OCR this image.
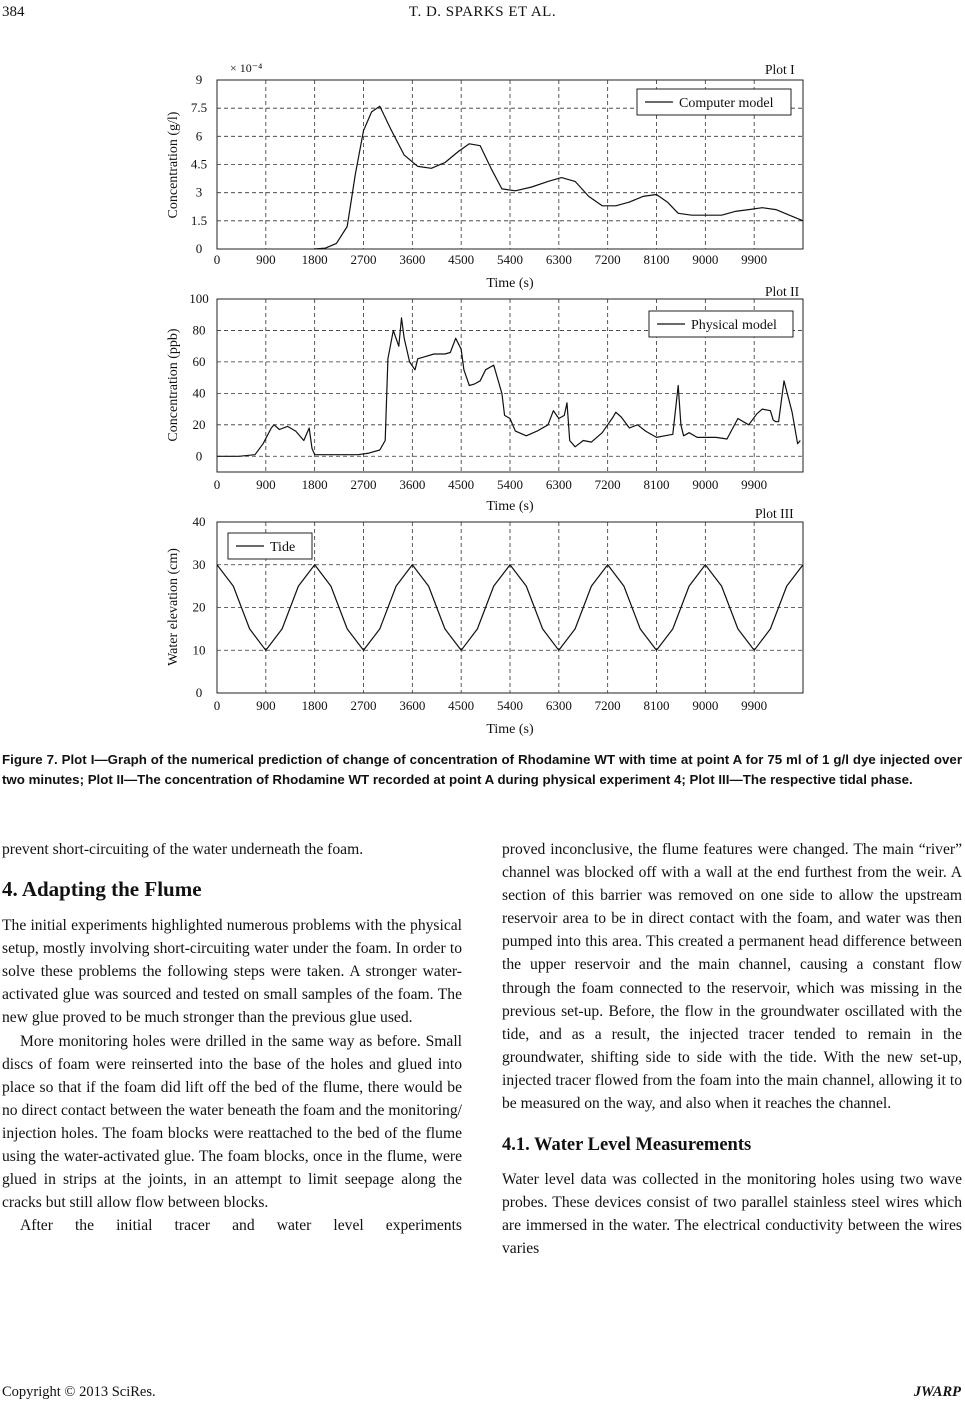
384	T. D. SPARKS ET AL.
0	900 1800 2700 3600 4500 5400 6300 7200 8100 9000 9900
0
1.5
3
4.5
6
7.5
9
Time (s)
Concentration (g/l)
Plot I
× 10⁻⁴
Computer model
0	900 1800 2700 3600 4500 5400 6300 7200 8100 9000 9900
0
20
40
60
80
100
Time (s)
Concentration (ppb)
Plot II
Physical model
0	900 1800 2700 3600 4500 5400 6300 7200 8100 9000 9900
0
10
20
30
40
Time (s)
Water elevation (cm)
Plot III
Tide
Figure 7. Plot I—Graph of the numerical prediction of change of concentration of Rhodamine WT with time at point A for 75 ml of 1 g/l dye injected over two minutes; Plot II—The concentration of Rhodamine WT recorded at point A during physical experiment 4; Plot III—The respective tidal phase.

prevent short-circuiting of the water underneath the foam.

4. Adapting the Flume

The initial experiments highlighted numerous problems with the physical setup, mostly involving short-circuiting water under the foam. In order to solve these problems the following steps were taken. A stronger water-activated glue was sourced and tested on small samples of the foam. The new glue proved to be much stronger than the previous glue used.

More monitoring holes were drilled in the same way as before. Small discs of foam were reinserted into the base of the holes and glued into place so that if the foam did lift off the bed of the flume, there would be no direct contact between the water beneath the foam and the monitoring/ injection holes. The foam blocks were reattached to the bed of the flume using the water-activated glue. The foam blocks, once in the flume, were glued in strips at the joints, in an attempt to limit seepage along the cracks but still allow flow between blocks.

After the initial tracer and water level experiments

proved inconclusive, the flume features were changed. The main “river” channel was blocked off with a wall at the end furthest from the weir. A section of this barrier was removed on one side to allow the upstream reservoir area to be in direct contact with the foam, and water was then pumped into this area. This created a permanent head difference between the upper reservoir and the main channel, causing a constant flow through the foam connected to the reservoir, which was missing in the previous set-up. Before, the flow in the groundwater oscillated with the tide, and as a result, the injected tracer tended to remain in the groundwater, shifting side to side with the tide. With the new set-up, injected tracer flowed from the foam into the main channel, allowing it to be measured on the way, and also when it reaches the channel.

4.1. Water Level Measurements

Water level data was collected in the monitoring holes using two wave probes. These devices consist of two parallel stainless steel wires which are immersed in the water. The electrical conductivity between the wires varies

Copyright © 2013 SciRes.	JWARP
